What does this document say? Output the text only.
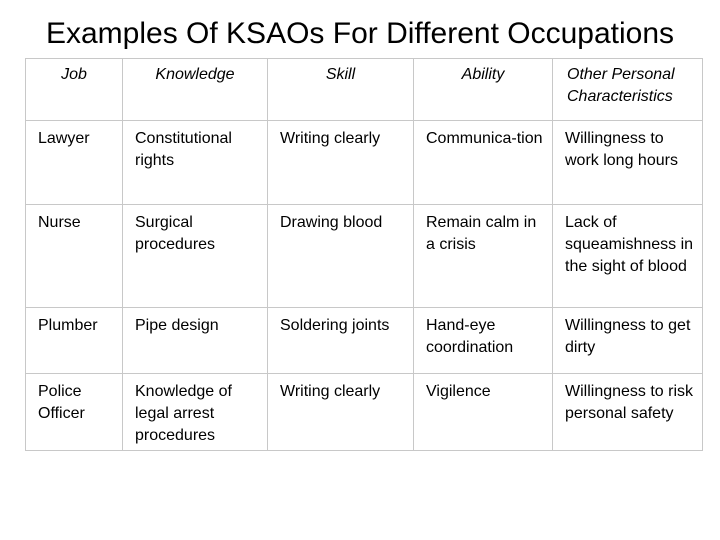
Examples Of KSAOs For Different Occupations
Job	Knowledge	Skill	Ability	Other Personal Characteristics
Lawyer	Constitutional rights	Writing clearly	Communica-tion	Willingness to work long hours
Nurse	Surgical procedures	Drawing blood	Remain calm in a crisis	Lack of squeamishness in the sight of blood
Plumber	Pipe design	Soldering joints	Hand-eye coordination	Willingness to get dirty
Police Officer	Knowledge of legal arrest procedures	Writing clearly	Vigilence	Willingness to risk personal safety
